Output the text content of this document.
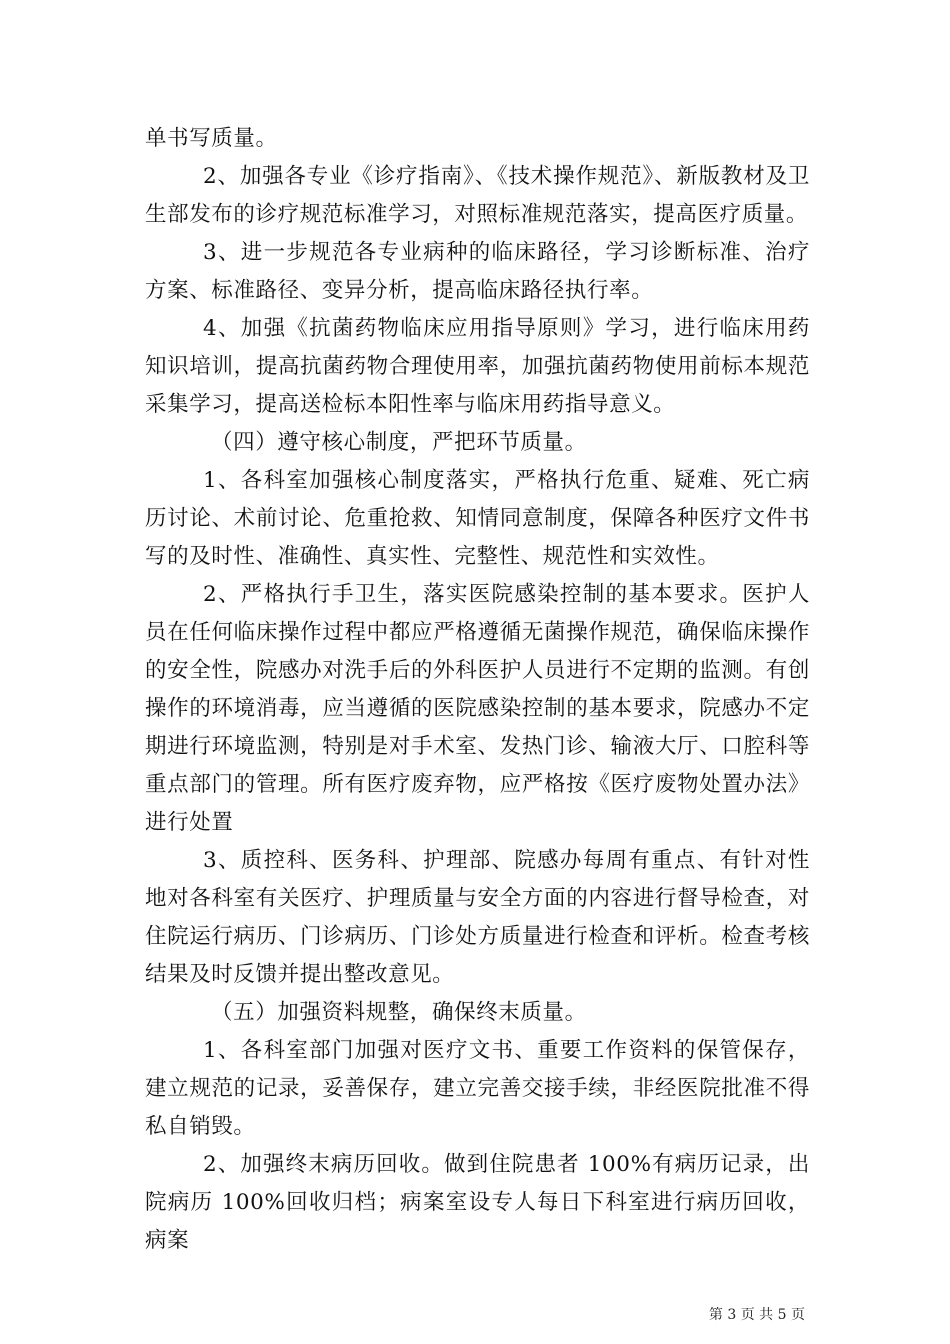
单书写质量。

2、加强各专业《诊疗指南》、《技术操作规范》、新版教材及卫生部发布的诊疗规范标准学习，对照标准规范落实，提高医疗质量。

3、进一步规范各专业病种的临床路径，学习诊断标准、治疗方案、标准路径、变异分析，提高临床路径执行率。

4、加强《抗菌药物临床应用指导原则》学习，进行临床用药知识培训，提高抗菌药物合理使用率，加强抗菌药物使用前标本规范采集学习，提高送检标本阳性率与临床用药指导意义。

（四）遵守核心制度，严把环节质量。

1、各科室加强核心制度落实，严格执行危重、疑难、死亡病历讨论、术前讨论、危重抢救、知情同意制度，保障各种医疗文件书写的及时性、准确性、真实性、完整性、规范性和实效性。

2、严格执行手卫生，落实医院感染控制的基本要求。医护人员在任何临床操作过程中都应严格遵循无菌操作规范，确保临床操作的安全性，院感办对洗手后的外科医护人员进行不定期的监测。有创操作的环境消毒，应当遵循的医院感染控制的基本要求，院感办不定期进行环境监测，特别是对手术室、发热门诊、输液大厅、口腔科等重点部门的管理。所有医疗废弃物，应严格按《医疗废物处置办法》进行处置

3、质控科、医务科、护理部、院感办每周有重点、有针对性地对各科室有关医疗、护理质量与安全方面的内容进行督导检查，对住院运行病历、门诊病历、门诊处方质量进行检查和评析。检查考核结果及时反馈并提出整改意见。

（五）加强资料规整，确保终末质量。

1、各科室部门加强对医疗文书、重要工作资料的保管保存，建立规范的记录，妥善保存，建立完善交接手续，非经医院批准不得私自销毁。

2、加强终末病历回收。做到住院患者 100%有病历记录，出院病历 100%回收归档；病案室设专人每日下科室进行病历回收，病案

第 3 页 共 5 页
